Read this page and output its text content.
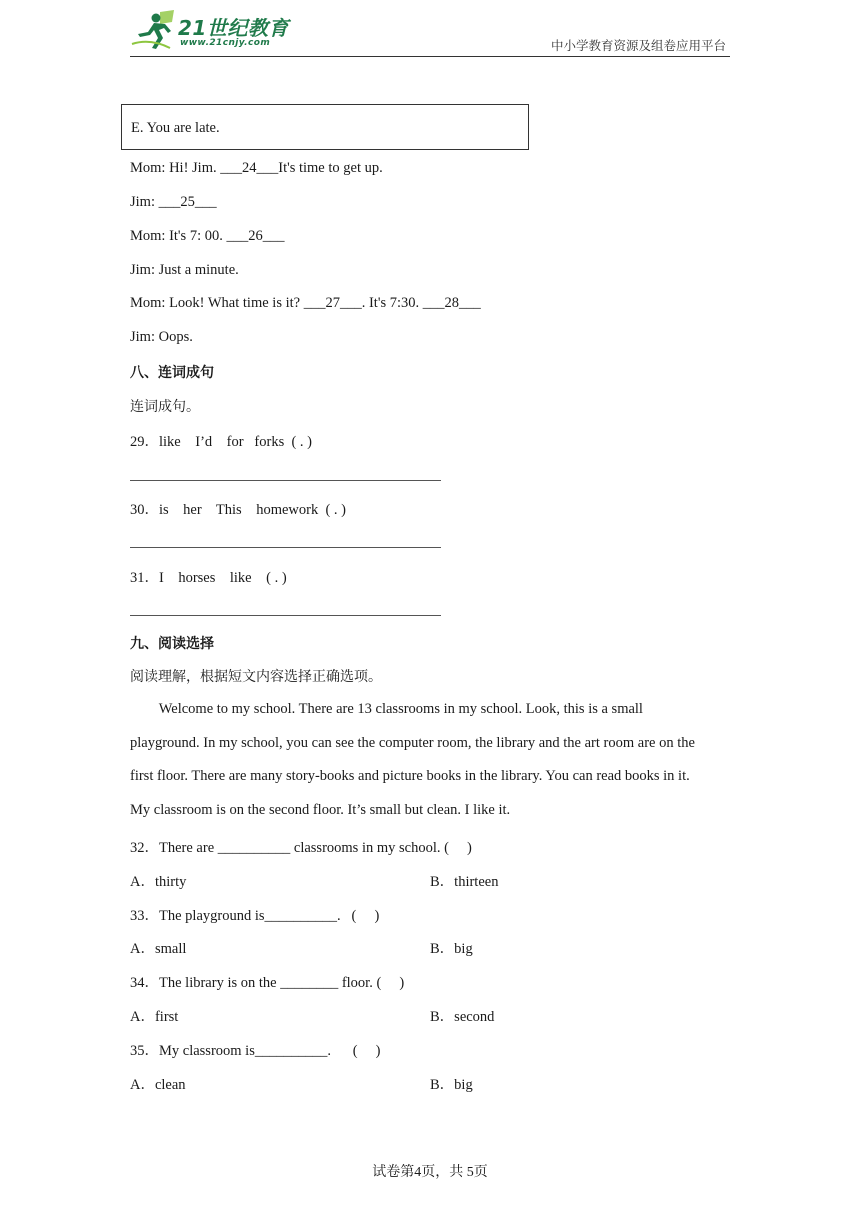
21世纪教育
www.21cnjy.com	中小学教育资源及组卷应用平台
E. You are late.
Mom: Hi! Jim. ___24___It's time to get up.
Jim: ___25___
Mom: It's 7: 00. ___26___
Jim: Just a minute.
Mom: Look! What time is it? ___27___. It's 7:30. ___28___
Jim: Oops.
八、连词成句
连词成句。
29．like    I’d    for   forks  ( . )
30．is    her    This    homework  ( . )
31．I    horses    like    ( . )
九、阅读选择
阅读理解，根据短文内容选择正确选项。
Welcome to my school. There are 13 classrooms in my school. Look, this is a small
playground. In my school, you can see the computer room, the library and the art room are on the
first floor. There are many story-books and picture books in the library. You can read books in it.
My classroom is on the second floor. It’s small but clean. I like it.
32．There are __________ classrooms in my school. (     )
A．thirty	B．thirteen
33．The playground is__________.   (     )
A．small	B．big
34．The library is on the ________ floor. (     )
A．first	B．second
35．My classroom is__________.      (     )
A．clean	B．big
试卷第4页，共 5页
